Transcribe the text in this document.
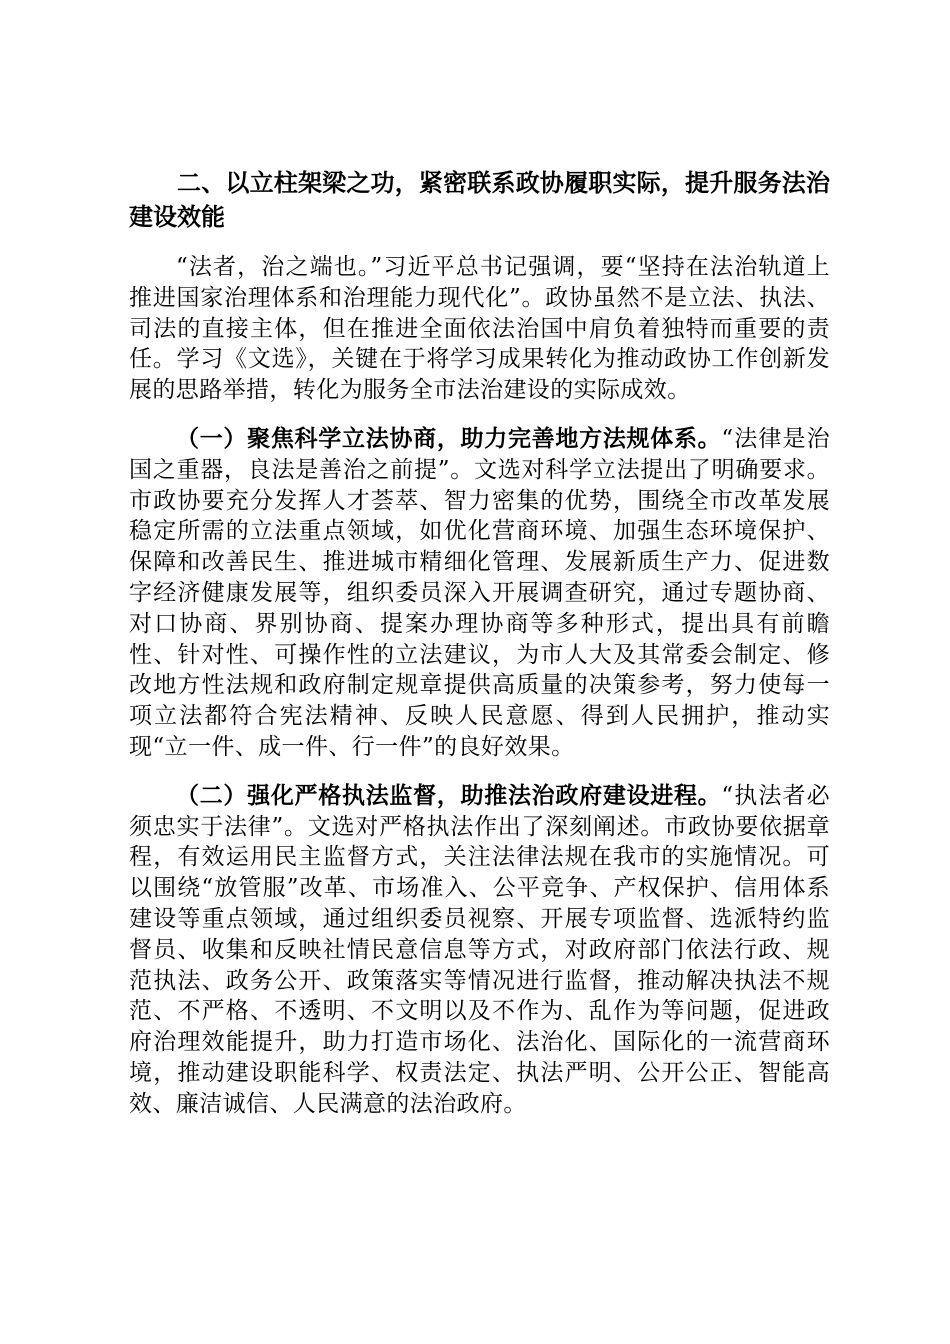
二、以立柱架梁之功，紧密联系政协履职实际，提升服务法治建设效能

“法者，治之端也。”习近平总书记强调，要“坚持在法治轨道上推进国家治理体系和治理能力现代化”。政协虽然不是立法、执法、司法的直接主体，但在推进全面依法治国中肩负着独特而重要的责任。学习《文选》，关键在于将学习成果转化为推动政协工作创新发展的思路举措，转化为服务全市法治建设的实际成效。

（一）聚焦科学立法协商，助力完善地方法规体系。“法律是治国之重器，良法是善治之前提”。文选对科学立法提出了明确要求。市政协要充分发挥人才荟萃、智力密集的优势，围绕全市改革发展稳定所需的立法重点领域，如优化营商环境、加强生态环境保护、保障和改善民生、推进城市精细化管理、发展新质生产力、促进数字经济健康发展等，组织委员深入开展调查研究，通过专题协商、对口协商、界别协商、提案办理协商等多种形式，提出具有前瞻性、针对性、可操作性的立法建议，为市人大及其常委会制定、修改地方性法规和政府制定规章提供高质量的决策参考，努力使每一项立法都符合宪法精神、反映人民意愿、得到人民拥护，推动实现“立一件、成一件、行一件”的良好效果。

（二）强化严格执法监督，助推法治政府建设进程。“执法者必须忠实于法律”。文选对严格执法作出了深刻阐述。市政协要依据章程，有效运用民主监督方式，关注法律法规在我市的实施情况。可以围绕“放管服”改革、市场准入、公平竞争、产权保护、信用体系建设等重点领域，通过组织委员视察、开展专项监督、选派特约监督员、收集和反映社情民意信息等方式，对政府部门依法行政、规范执法、政务公开、政策落实等情况进行监督，推动解决执法不规范、不严格、不透明、不文明以及不作为、乱作为等问题，促进政府治理效能提升，助力打造市场化、法治化、国际化的一流营商环境，推动建设职能科学、权责法定、执法严明、公开公正、智能高效、廉洁诚信、人民满意的法治政府。
